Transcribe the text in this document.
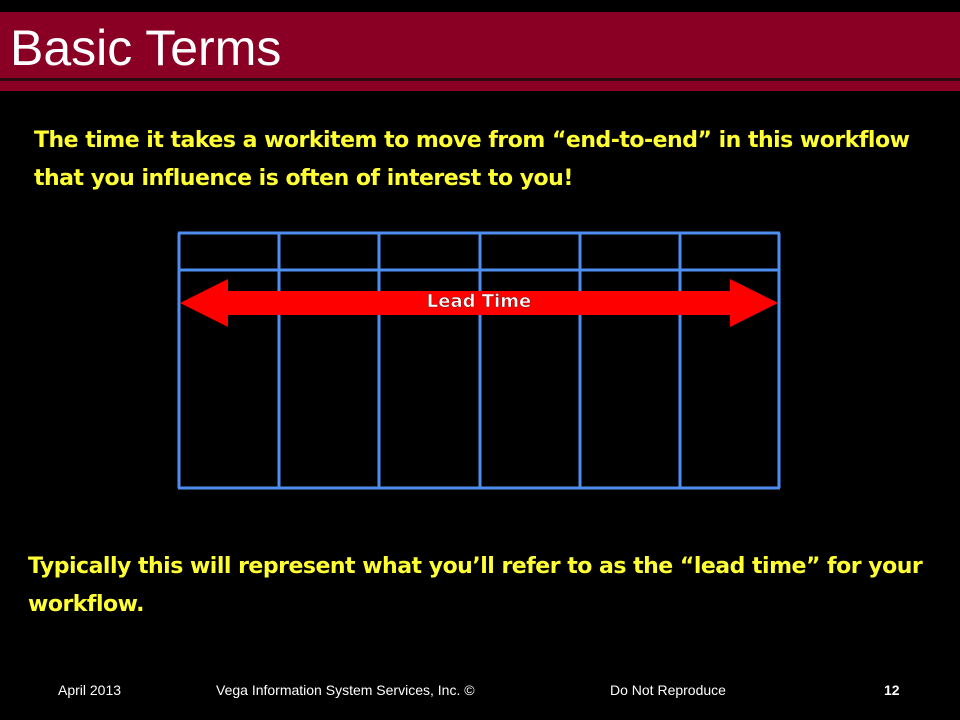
Basic Terms

The time it takes a workitem to move from “end-to-end” in this workflow that you influence is often of interest to you!

Lead Time

Typically this will represent what you’ll refer to as the “lead time” for your workflow.

April 2013	Vega Information System Services, Inc. ©	Do Not Reproduce	12
